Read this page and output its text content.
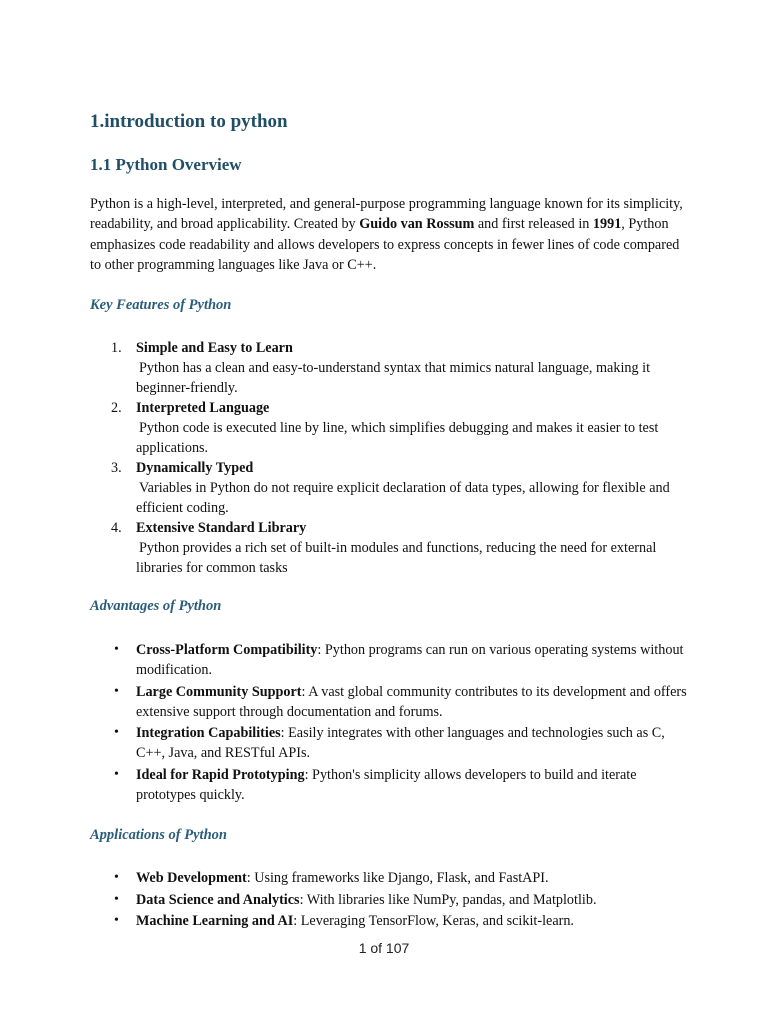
1.introduction to python
1.1 Python Overview

Python is a high-level, interpreted, and general-purpose programming language known for its simplicity, readability, and broad applicability. Created by Guido van Rossum and first released in 1991, Python emphasizes code readability and allows developers to express concepts in fewer lines of code compared to other programming languages like Java or C++.

Key Features of Python
1. Simple and Easy to Learn
Python has a clean and easy-to-understand syntax that mimics natural language, making it beginner-friendly.
2. Interpreted Language
Python code is executed line by line, which simplifies debugging and makes it easier to test applications.
3. Dynamically Typed
Variables in Python do not require explicit declaration of data types, allowing for flexible and efficient coding.
4. Extensive Standard Library
Python provides a rich set of built-in modules and functions, reducing the need for external libraries for common tasks
Advantages of Python
• Cross-Platform Compatibility: Python programs can run on various operating systems without modification.
• Large Community Support: A vast global community contributes to its development and offers extensive support through documentation and forums.
• Integration Capabilities: Easily integrates with other languages and technologies such as C, C++, Java, and RESTful APIs.
• Ideal for Rapid Prototyping: Python's simplicity allows developers to build and iterate prototypes quickly.
Applications of Python
• Web Development: Using frameworks like Django, Flask, and FastAPI.
• Data Science and Analytics: With libraries like NumPy, pandas, and Matplotlib.
• Machine Learning and AI: Leveraging TensorFlow, Keras, and scikit-learn.
1 of 107
